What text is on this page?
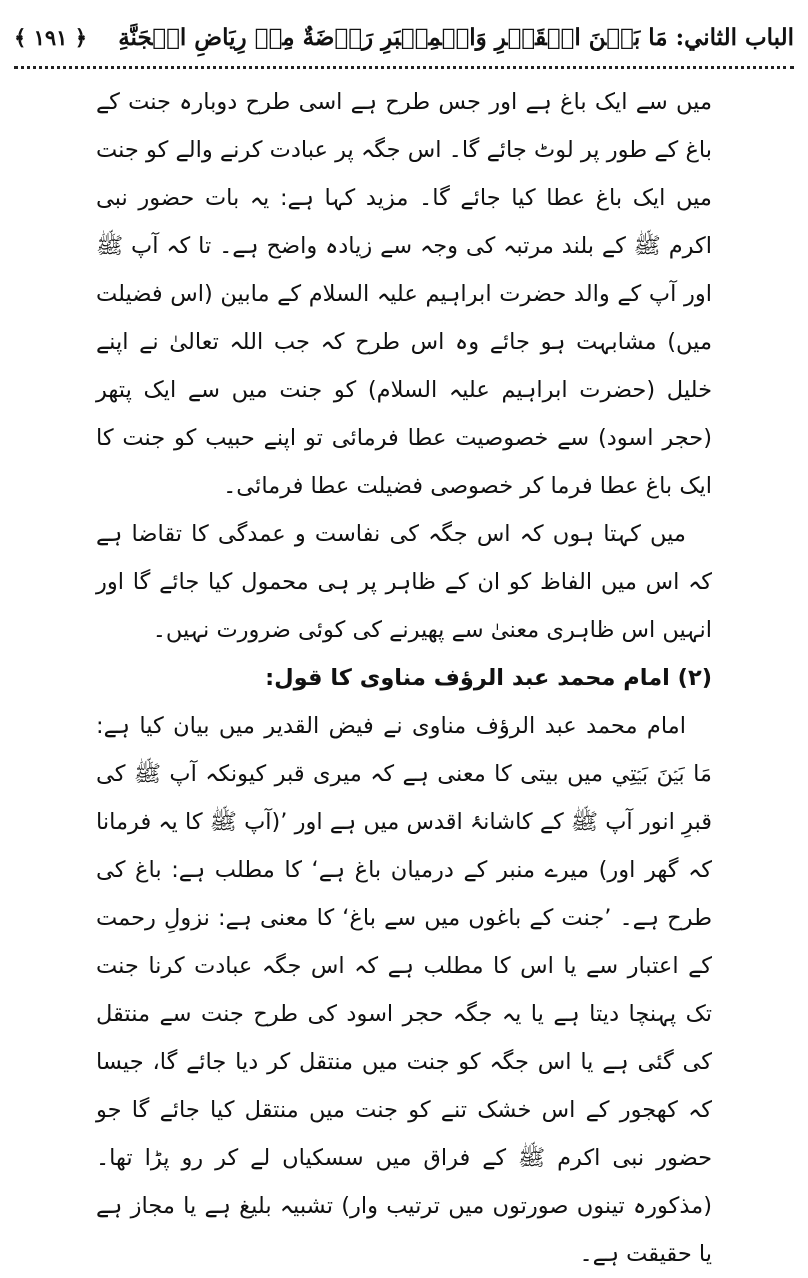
الباب الثاني: مَا بَيۡنَ الۡقَبۡرِ وَالۡمِنۡبَرِ رَوۡضَةٌ مِنۡ رِيَاضِ الۡجَنَّةِ
﴿ ۱۹۱ ﴾

میں سے ایک باغ ہے اور جس طرح ہے اسی طرح دوبارہ جنت کے باغ کے طور پر لوٹ جائے گا۔ اس جگہ پر عبادت کرنے والے کو جنت میں ایک باغ عطا کیا جائے گا۔ مزید کہا ہے: یہ بات حضور نبی اکرم ﷺ کے بلند مرتبہ کی وجہ سے زیادہ واضح ہے۔ تا کہ آپ ﷺ اور آپ کے والد حضرت ابراہیم علیہ السلام کے مابین (اس فضیلت میں) مشابہت ہو جائے وہ اس طرح کہ جب اللہ تعالیٰ نے اپنے خلیل (حضرت ابراہیم علیہ السلام) کو جنت میں سے ایک پتھر (حجر اسود) سے خصوصیت عطا فرمائی تو اپنے حبیب کو جنت کا ایک باغ عطا فرما کر خصوصی فضیلت عطا فرمائی۔

میں کہتا ہوں کہ اس جگہ کی نفاست و عمدگی کا تقاضا ہے کہ اس میں الفاظ کو ان کے ظاہر پر ہی محمول کیا جائے گا اور انہیں اس ظاہری معنیٰ سے پھیرنے کی کوئی ضرورت نہیں۔

(۲) امام محمد عبد الرؤف مناوی کا قول:

امام محمد عبد الرؤف مناوی نے فیض القدیر میں بیان کیا ہے: مَا بَيۡنَ بَيۡتِي میں بیتی کا معنی ہے کہ میری قبر کیونکہ آپ ﷺ کی قبرِ انور آپ ﷺ کے کاشانۂ اقدس میں ہے اور ’(آپ ﷺ کا یہ فرمانا کہ گھر اور) میرے منبر کے درمیان باغ ہے‘ کا مطلب ہے: باغ کی طرح ہے۔ ’جنت کے باغوں میں سے باغ‘ کا معنی ہے: نزولِ رحمت کے اعتبار سے یا اس کا مطلب ہے کہ اس جگہ عبادت کرنا جنت تک پہنچا دیتا ہے یا یہ جگہ حجر اسود کی طرح جنت سے منتقل کی گئی ہے یا اس جگہ کو جنت میں منتقل کر دیا جائے گا، جیسا کہ کھجور کے اس خشک تنے کو جنت میں منتقل کیا جائے گا جو حضور نبی اکرم ﷺ کے فراق میں سسکیاں لے کر رو پڑا تھا۔ (مذکورہ تینوں صورتوں میں ترتیب وار) تشبیہ بلیغ ہے یا مجاز ہے یا حقیقت ہے۔
